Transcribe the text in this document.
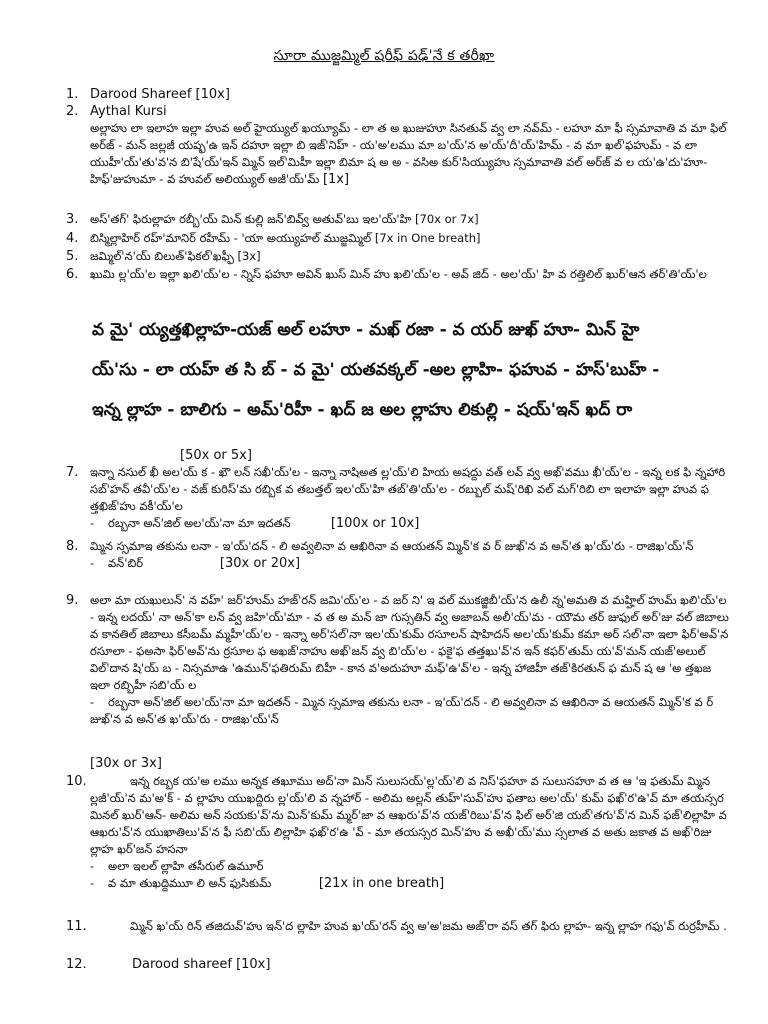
సూరా ముజ్జమ్మిల్ షరీఫ్ పఢ్'నే క తరీఖా
1. Darood Shareef [10x]
2. Aythal Kursi
అల్లాహు లా ఇలాహ ఇల్లా హువ అల్ హైయ్యుల్ ఖయ్యూమ్ - లా త అ ఖుజుహూ సినతువ్ వ్వ లా నవ్‌మ్ - లహూ మా ఫీ స్సమావాతి వ మా ఫిల్ అర్‌జ్ - మన్ జల్లజీ యష్ఫ'ఉ ఇన్ దహూ ఇల్లా బి ఇజ్'నిహ్ - య'అ'లము మా బ'య్'న అ'య్'దీ'య్'హిమ్ - వ మా ఖల్'ఫహుమ్ - వ లా యుహీ'య్'తు'వ'న బి'షే'య్'ఇన్ మ్మిన్ ఇల్'మిహీ ఇల్లా బిమా ష అ అ - వసిఅ కుర్'సియ్యుహు స్సమావాతి వల్ అర్‌జ్ వ ల య'ఉ'దు'హూ- హిఫ్'జుహుమా - వ హువల్ అలియ్యుల్ అజీ'య్'మ్ [1x]
3. అస్'తగ్' ఫిరుల్లాహ రబ్బీ'య్ మిన్ కుల్లి జన్'బివ్వ్ అతువ్'బు ఇల'య్'హి [70x or 7x]
4. బిస్మిల్లాహిర్ రహ్'మానిర్ రహీమ్ - 'యా అయ్యుహల్ ముజ్జమ్మిల్ [7x in One breath]
5. జమ్మిల్'న'య్ బిలుత్'ఫికల్'ఖఫ్ఫీ [3x]
6. ఖుమి ల్ల'య్'ల ఇల్లా ఖలి'య్'ల - న్నిస్ ఫహూ అవిన్ ఖుస్ మిన్ హు ఖలి'య్'ల - అవ్ జిద్ - అల'య్' హి వ రత్తిలిల్ ఖుర్'ఆన తర్'తి'య్'ల
వ మై' య్యత్తఖిల్లాహ-యజ్ అల్ లహూ - మఖ్ రజా - వ యర్ జుఖ్ హూ- మిన్ హై
య్'సు - లా యహ్ త సి బ్ - వ మై' యతవక్కల్ -అల ల్లాహి- ఫహువ - హస్'బుహ్ -
ఇన్న ల్లాహ - బాలిగు – అమ్'రిహీ - ఖద్ జ అల ల్లాహు లికుల్లి - షయ్'ఇన్ ఖద్ రా
[50x or 5x]
7. ఇన్నా నసుల్ ఖీ అల'య్ క - ఖౌ లన్ సఖీ'య్'ల - ఇన్నా నాషిఅత ల్ల'య్'లి హియ అషద్దు వత్ లవ్ వ్వ అఖ్'వము ఖీ'య్'ల - ఇన్న లక ఫి న్నహారి సబ్'హన్ తవీ'య్'ల - వజ్ కురిస్'మ రబ్బిక వ తబత్తల్ ఇల'య్'హి తబ్'తి'య్'ల - రబ్బుల్ మష్'రిఖి వల్ మగ్'రిబి లా ఇలాహ ఇల్లా హువ ఫ త్తఖిజ్'హు వకీ'య్'ల
- రబ్బనా అన్'జిల్ అల'య్'నా మా ఇదతన్	[100x or 10x]
8. మ్మిన స్సమాఇ తకును లనా - ఇ'య్'దన్ - లి అవ్వలినా వ ఆఖిరినా వ ఆయతన్ మ్మిన్'క వ ర్ జుఖ్'న వ అన్'త ఖ'య్'రు - రాజిఖ'య్'న్
- వన్'బిర్	[30x or 20x]
9. అలా మా యఖులున్' న వహ్' జర్'హుమ్ హజ్'రన్ జమి'య్'ల - వ జర్ ని' ఇ వల్ ముకజ్జిబీ'య్'న ఉలీ న్న'అమతి వ మహ్హిల్ హుమ్ ఖలి'య్'ల - ఇన్న లదయ్' నా అన్'కా లన్ వ్వ జహి'య్'మా - వ త అ మన్ జా గుస్సతిన్ వ్వ అజాబన్ అలీ'య్'మ - యౌమ తర్ జుఫుల్ అర్'జు వల్ జిబాలు వ కానతిల్ జిబాలు కసీబమ్ మ్మహీ'య్'ల - ఇన్నా అర్'సల్'నా ఇల'య్'కుమ్ రసూలన్ షాహిదన్ అల'య్'కుమ్ కమా అర్ సల్'నా ఇలా ఫిర్'అవ్'న రసూలా - ఫఅసా ఫిర్'అవ్'ను ర్రసూల ఫ అఖజ్'నాహు అఖ్'జన్ వ్వ బి'య్'ల - ఫకై'ఫ తత్తఖు'వ్'న ఇన్ కఫర్'తుమ్ య'వ్'మన్ యజ్'అలుల్ విల్'దాన షి'య్ బ - నిస్సమాఉ 'ఉమున్'ఫతిరుమ్ బిహీ - కాన వ'అదుహూ మఫ్'ఉ'వ్'ల - ఇన్న హాజిహీ తజ్'కిరతున్ ఫ మన్ ష ఆ 'అ త్తఖజ ఇలా రబ్బిహీ సబి'య్ ల
- రబ్బనా అన్'జిల్ అల'య్'నా మా ఇదతన్ - మ్మిన స్సమాఇ తకును లనా - ఇ'య్'దన్ - లి అవ్వలినా వ ఆఖిరినా వ ఆయతన్ మ్మిన్'క వ ర్ జుఖ్'న వ అన్'త ఖ'య్'రు - రాజిఖ'య్'న్
[30x or 3x]
10.	ఇన్న రబ్బక య'అ లము అన్నక తఖూము అద్'నా మిన్ సులుసయ్'ల్ల'య్'లి వ నిస్'ఫహూ వ సులుసహూ వ త ఆ 'ఇ ఫతుమ్ మ్మిన ల్లజీ'య్'న మ'అ'క్ - వ ల్లాహు యుఖద్దిరు ల్ల'య్'లి వ న్నహార్ - అలిమ అల్లన్ తుహ్'సువ్'హు ఫతాబ అల'య్' కుమ్ ఫఖ్'ర'ఉ'వ్ మా తయస్సర మినల్ ఖుర్'ఆన్- అలిమ అన్ సయకు'వ్'ను మిన్'కుమ్ మ్మర్'జా వ ఆఖరు'వ్'న యజ్'రిబు'వ్'న ఫిల్ అర్'జి యబ్'తగు'వ్'న మిన్ ఫజ్'లిల్లాహి వ ఆఖరు'వ్'న యుఖాతిలు'వ్'న ఫీ సబి'య్ లిల్లాహి ఫఖ్'ర'ఉ 'వ్ - మా తయస్సర మిన్'హు వ అఖీ'య్'ము స్సలాత వ అతు జకాత వ అఖ్'రిజు ల్లాహ ఖర్'జన్ హసనా
- అలా ఇలల్ ల్లాహి తసీరుల్ ఉమూర్
- వ మా తుఖద్దిముూ లి అన్ ఫుసికుమ్	[21x in one breath]
11.	మ్మిన్ ఖ'య్ రిన్ తజిదువ్'హు ఇన్'ద ల్లాహి హువ ఖ'య్'రన్ వ్వ అ'అ'జమ అజ్'రా వస్ తగ్ ఫిరు ల్లాహ- ఇన్న ల్లాహ గఫు'వ్ రుర్రహీమ్ .
12.	Darood shareef [10x]
